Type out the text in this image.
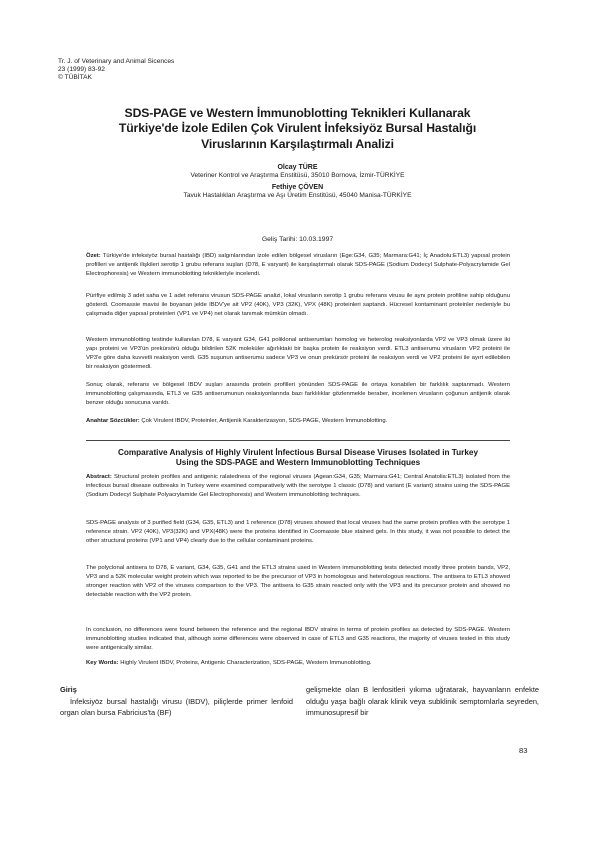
Tr. J. of Veterinary and Animal Sicences
23 (1999) 83-92
© TÜBİTAK
SDS-PAGE ve Western İmmunoblotting Teknikleri Kullanarak
Türkiye'de İzole Edilen Çok Virulent İnfeksiyöz Bursal Hastalığı
Viruslarının Karşılaştırmalı Analizi
Olcay TÜRE
Veteriner Kontrol ve Araştırma Enstitüsü, 35010 Bornova, İzmir-TÜRKİYE
Fethiye ÇÖVEN
Tavuk Hastalıkları Araştırma ve Aşı Üretim Enstitüsü, 45040 Manisa-TÜRKİYE
Geliş Tarihi: 10.03.1997
Özet: Türkiye'de infeksiyöz bursal hastalığı (IBD) salgınlarından izole edilen bölgesel virusların (Ege:G34, G35; Marmara:G41; İç Anadolu:ETL3) yapısal protein profilleri ve antijenik ilişkileri serotip 1 grubu referans suşları (D78, E varyant) ile karşılaştırmalı olarak SDS-PAGE (Sodium Dodecyl Sulphate-Polyacrylamide Gel Electrophoresis) ve Western immunoblotting teknikleriyle incelendi.
Pürifiye edilmiş 3 adet saha ve 1 adet referans virusun SDS-PAGE analizi, lokal virusların serotip 1 grubu referans virusu ile aynı protein profiline sahip olduğunu gösterdi. Coomassie mavisi ile boyanan jelde IBDV'ye ait VP2 (40K), VP3 (32K), VPX (48K) proteinleri saptandı. Hücresel kontaminant proteinler nedeniyle bu çalışmada diğer yapısal proteinleri (VP1 ve VP4) net olarak tanımak mümkün olmadı.
Western immunoblotting testinde kullanılan D78, E varyant G34, G41 poliklonal antiserumları homolog ve heterolog reaksiyonlarda VP2 ve VP3 olmak üzere iki yapı proteini ve VP3'ün prekürsörü olduğu bildirilen 52K moleküler ağırlıktaki bir başka protein ile reaksiyon verdi. ETL3 antiserumu virusların VP2 proteini ile VP3'e göre daha kuvvetli reaksiyon verdi. G35 suşunun antiserumu sadece VP3 ve onun prekürsör proteini ile reaksiyon verdi ve VP2 proteini ile ayırt edilebilen bir reaksiyon göstermedi.
Sonuç olarak, referans ve bölgesel IBDV suşları arasında protein profilleri yönünden SDS-PAGE ile ortaya konabilen bir farklılık saptanmadı. Western immunoblotting çalışmasında, ETL3 ve G35 antiserumunun reaksiyonlarında bazı farklılıklar gözlenmekle beraber, incelenen virusların çoğunun antijenik olarak benzer olduğu sonucuna varıldı.
Anahtar Sözcükler: Çok Virulent IBDV, Proteinler, Antijenik Karakterizasyon, SDS-PAGE, Western İmmunoblotting.
Comparative Analysis of Highly Virulent İnfectious Bursal Disease Viruses Isolated in Turkey
Using the SDS-PAGE and Western Immunoblotting Techniques
Abstract: Structural protein profiles and antigenic ralatedness of the regional viruses (Agean:G34, G35; Marmara:G41; Central Anatolia:ETL3) isolated from the infectious bursal disease outbreaks in Turkey were examined comparatively with the serotype 1 classic (D78) and variant (E variant) strains using the SDS-PAGE (Sodium Dodecyl Sulphate Polyacrylamide Gel Electrophoresis) and Western immunoblotting techniques.
SDS-PAGE analysis of 3 purified field (G34, G35, ETL3) and 1 reference (D78) viruses showed that local viruses had the same protein profiles with the serotype 1 reference strain. VP2 (40K), VP3(32K) and VPX(48K) were the proteins identified in Coomassie blue stained gels. In this study, it was not possible to detect the other structural proteins (VP1 and VP4) clearly due to the cellular contaminant proteins.
The polyclonal antisera to D78, E variant, G34, G35, G41 and the ETL3 strains used in Western immunoblotting tests detected mostly three protein bands, VP2, VP3 and a 52K molecular weight protein which was reported to be the precursor of VP3 in homologous and heterologous reactions. The antisera to ETL3 showed stronger reaction with VP2 of the viruses comparison to the VP3. The antisera to G35 strain reacted only with the VP3 and its precursor protein and showed no detectable reaction with the VP2 protein.
In conclusion, no differences were found between the reference and the regional IBDV strains in terms of protein profiles as detected by SDS-PAGE. Western immunoblotting studies indicated that, although some differences were observed in case of ETL3 and G35 reactions, the majority of viruses tested in this study were antigenically similar.
Key Words: Highly Virulent IBDV, Proteins, Antigenic Characterization, SDS-PAGE, Western Immunoblotting.
Giriş
İnfeksiyöz bursal hastalığı virusu (IBDV), piliçlerde primer lenfoid organ olan bursa Fabricius'ta (BF)
gelişmekte olan B lenfositleri yıkıma uğratarak, hayvanların enfekte olduğu yaşa bağlı olarak klinik veya subklinik semptomlarla seyreden, immunosupresif bir
83
